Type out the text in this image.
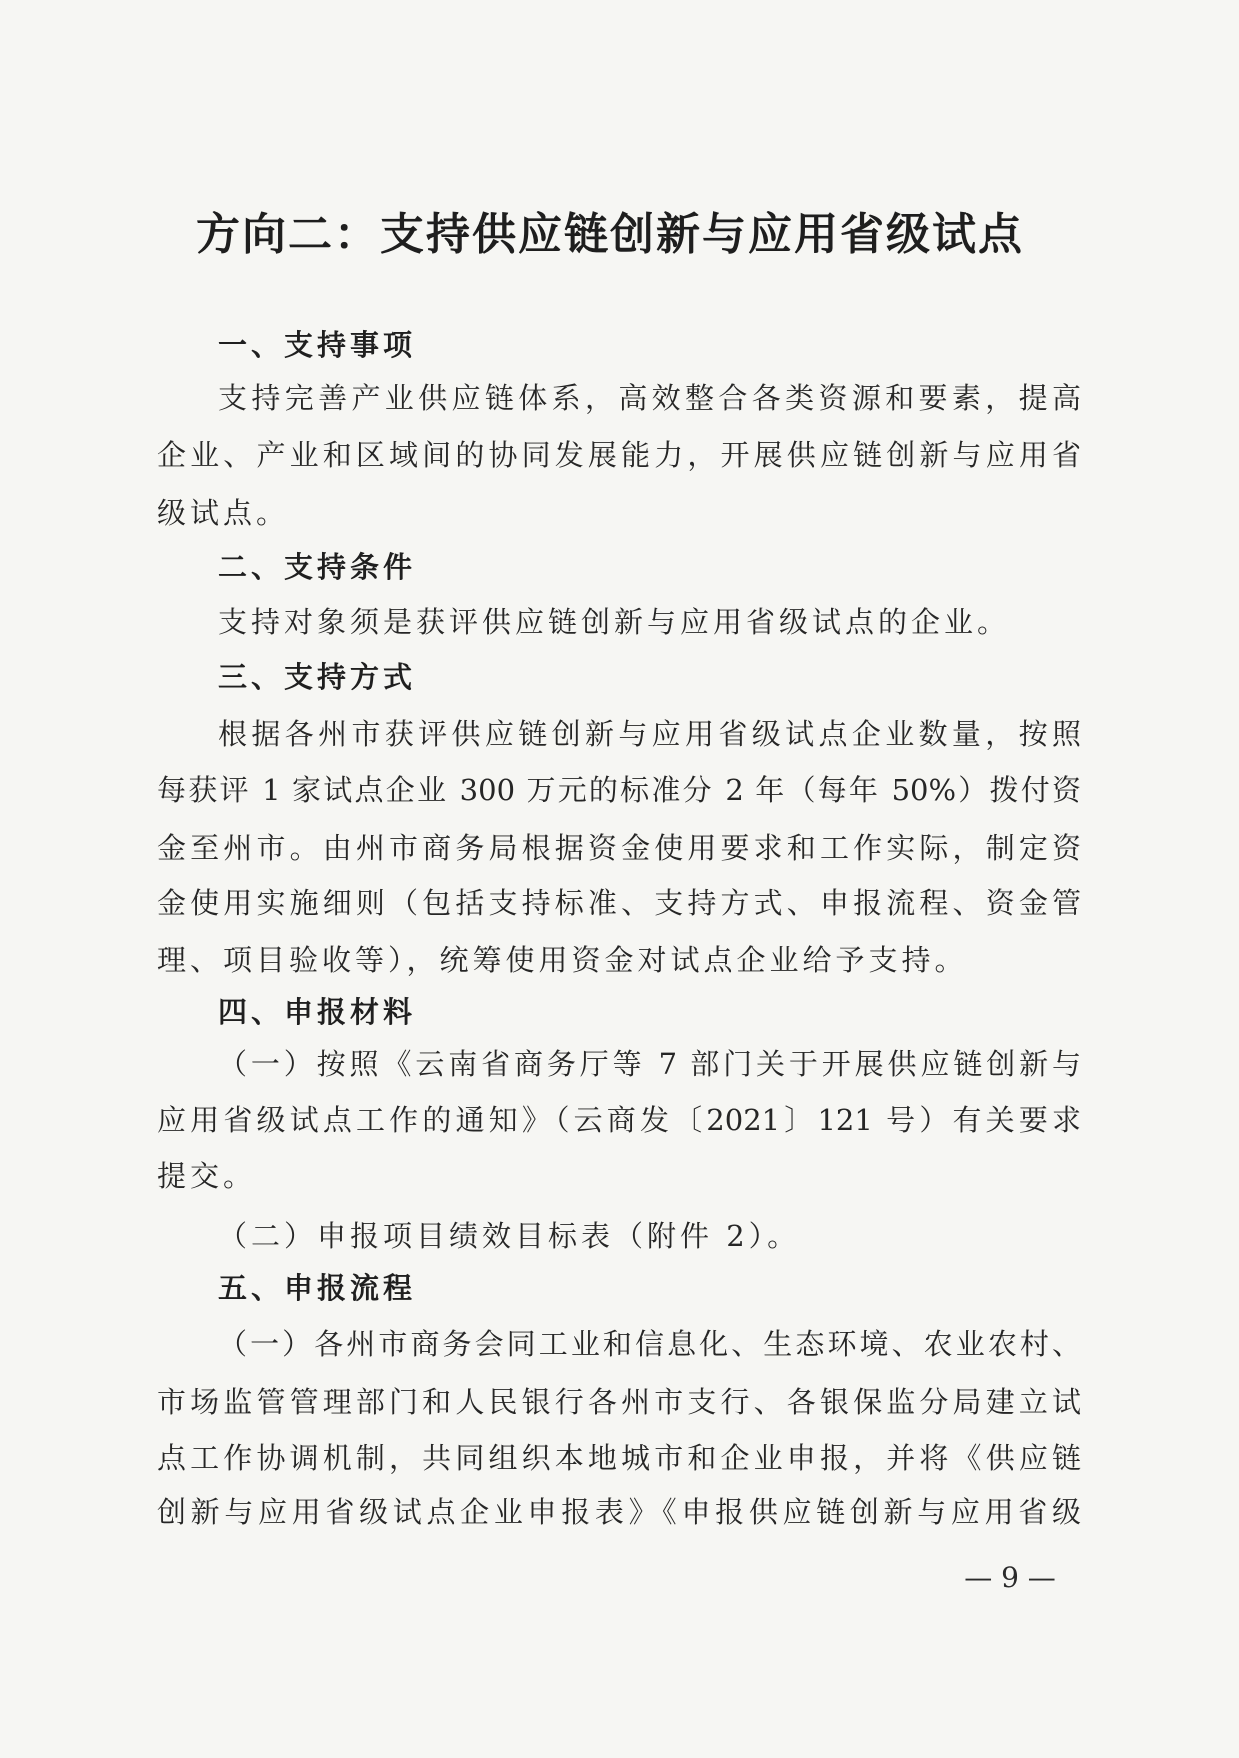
方向二：支持供应链创新与应用省级试点
一、支持事项
支持完善产业供应链体系，高效整合各类资源和要素，提高
企业、产业和区域间的协同发展能力，开展供应链创新与应用省
级试点。
二、支持条件
支持对象须是获评供应链创新与应用省级试点的企业。
三、支持方式
根据各州市获评供应链创新与应用省级试点企业数量，按照
每获评 1 家试点企业 300 万元的标准分 2 年（每年 50%）拨付资
金至州市。由州市商务局根据资金使用要求和工作实际，制定资
金使用实施细则（包括支持标准、支持方式、申报流程、资金管
理、项目验收等），统筹使用资金对试点企业给予支持。
四、申报材料
（一）按照《云南省商务厅等 7 部门关于开展供应链创新与
应用省级试点工作的通知》（云商发〔2021〕121 号）有关要求
提交。
（二）申报项目绩效目标表（附件 2）。
五、申报流程
（一）各州市商务会同工业和信息化、生态环境、农业农村、
市场监管管理部门和人民银行各州市支行、各银保监分局建立试
点工作协调机制，共同组织本地城市和企业申报，并将《供应链
创新与应用省级试点企业申报表》《申报供应链创新与应用省级
— 9 —
